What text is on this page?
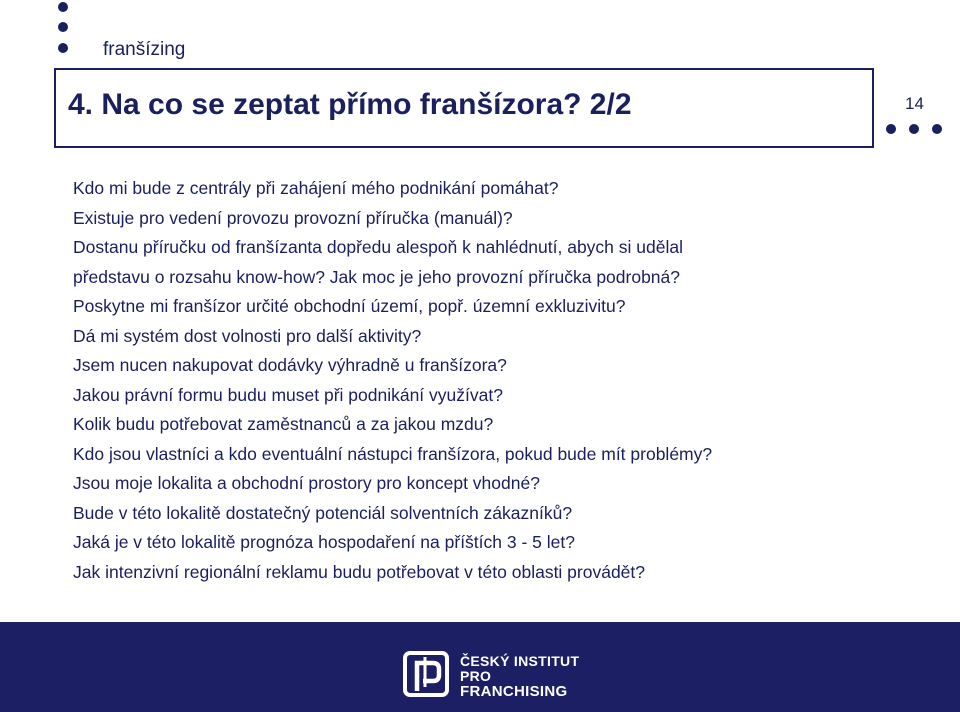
franšízing
4. Na co se zeptat přímo franšízora? 2/2	14
Kdo mi bude z centrály při zahájení mého podnikání pomáhat?
Existuje pro vedení provozu provozní příručka (manuál)?
Dostanu příručku od franšízanta dopředu alespoň k nahlédnutí, abych si udělal
představu o rozsahu know-how? Jak moc je jeho provozní příručka podrobná?
Poskytne mi franšízor určité obchodní území, popř. územní exkluzivitu?
Dá mi systém dost volnosti pro další aktivity?
Jsem nucen nakupovat dodávky výhradně u franšízora?
Jakou právní formu budu muset při podnikání využívat?
Kolik budu potřebovat zaměstnanců a za jakou mzdu?
Kdo jsou vlastníci a kdo eventuální nástupci franšízora, pokud bude mít problémy?
Jsou moje lokalita a obchodní prostory pro koncept vhodné?
Bude v této lokalitě dostatečný potenciál solventních zákazníků?
Jaká je v této lokalitě prognóza hospodaření na příštích 3 - 5 let?
Jak intenzivní regionální reklamu budu potřebovat v této oblasti provádět?
ČESKÝ INSTITUT
PRO
FRANCHISING
